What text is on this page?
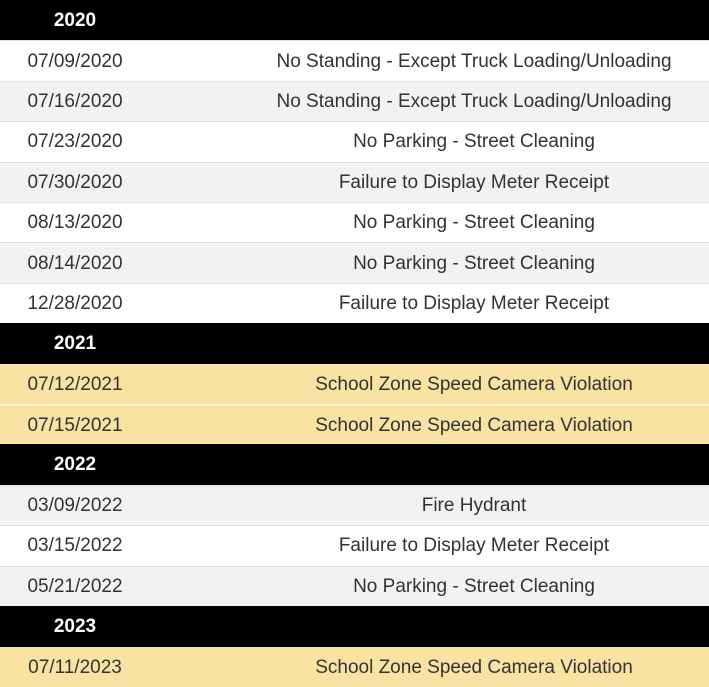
2020
07/09/2020	No Standing - Except Truck Loading/Unloading
07/16/2020	No Standing - Except Truck Loading/Unloading
07/23/2020	No Parking - Street Cleaning
07/30/2020	Failure to Display Meter Receipt
08/13/2020	No Parking - Street Cleaning
08/14/2020	No Parking - Street Cleaning
12/28/2020	Failure to Display Meter Receipt
2021
07/12/2021	School Zone Speed Camera Violation
07/15/2021	School Zone Speed Camera Violation
2022
03/09/2022	Fire Hydrant
03/15/2022	Failure to Display Meter Receipt
05/21/2022	No Parking - Street Cleaning
2023
07/11/2023	School Zone Speed Camera Violation
